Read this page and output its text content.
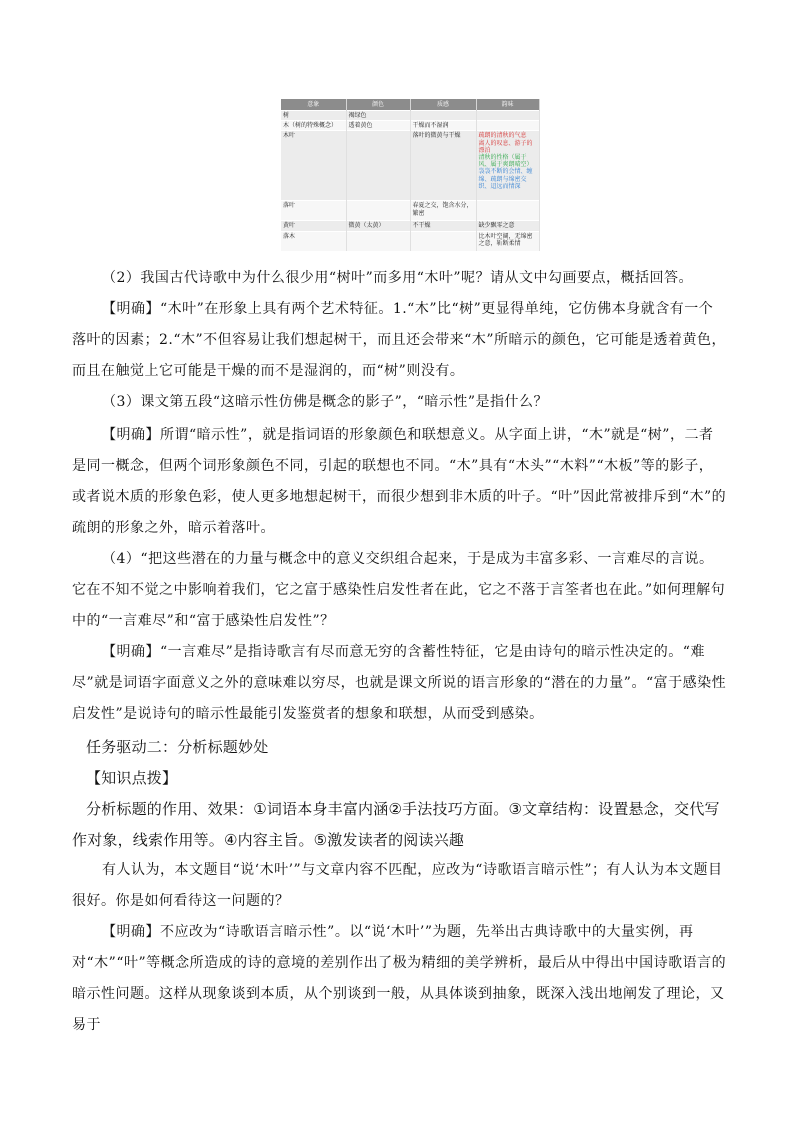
意象	颜色	质感	韵味
树	褐绿色		
木（树的特殊概念）	透着黄色	干燥而不湿润	
木叶		落叶的微黄与干燥	疏朗的清秋的气息
离人的叹息、游子的漂泊
清秋的性格（属于风、属于爽朗晴空）
袅袅不断的会情、缠绵、疏朗与绵密交织、迢远而情深

落叶		春夏之交，饱含水分，繁密	
黄叶	微黄（太黄）	不干燥	缺少飘零之意
落木			比木叶空阔，无绵密之意，斩断柔情

（2）我国古代诗歌中为什么很少用“树叶”而多用“木叶”呢？请从文中勾画要点，概括回答。

【明确】“木叶”在形象上具有两个艺术特征。1.“木”比“树”更显得单纯，它仿佛本身就含有一个落叶的因素；2.“木”不但容易让我们想起树干，而且还会带来“木”所暗示的颜色，它可能是透着黄色，而且在触觉上它可能是干燥的而不是湿润的，而“树”则没有。

（3）课文第五段“这暗示性仿佛是概念的影子”，“暗示性”是指什么？

【明确】所谓“暗示性”，就是指词语的形象颜色和联想意义。从字面上讲，“木”就是“树”，二者是同一概念，但两个词形象颜色不同，引起的联想也不同。“木”具有“木头”“木料”“木板”等的影子，或者说木质的形象色彩，使人更多地想起树干，而很少想到非木质的叶子。“叶”因此常被排斥到“木”的疏朗的形象之外，暗示着落叶。

（4）“把这些潜在的力量与概念中的意义交织组合起来，于是成为丰富多彩、一言难尽的言说。它在不知不觉之中影响着我们，它之富于感染性启发性者在此，它之不落于言筌者也在此。”如何理解句中的“一言难尽”和“富于感染性启发性”？

【明确】“一言难尽”是指诗歌言有尽而意无穷的含蓄性特征，它是由诗句的暗示性决定的。“难尽”就是词语字面意义之外的意味难以穷尽，也就是课文所说的语言形象的“潜在的力量”。“富于感染性启发性”是说诗句的暗示性最能引发鉴赏者的想象和联想，从而受到感染。

任务驱动二：分析标题妙处

【知识点拨】

分析标题的作用、效果：①词语本身丰富内涵②手法技巧方面。③文章结构：设置悬念，交代写作对象，线索作用等。④内容主旨。⑤激发读者的阅读兴趣

有人认为，本文题目“说‘木叶’”与文章内容不匹配，应改为“诗歌语言暗示性”；有人认为本文题目很好。你是如何看待这一问题的？

【明确】不应改为“诗歌语言暗示性”。以“说‘木叶’”为题，先举出古典诗歌中的大量实例，再对“木”“叶”等概念所造成的诗的意境的差别作出了极为精细的美学辨析，最后从中得出中国诗歌语言的暗示性问题。这样从现象谈到本质，从个别谈到一般，从具体谈到抽象，既深入浅出地阐发了理论，又易于
